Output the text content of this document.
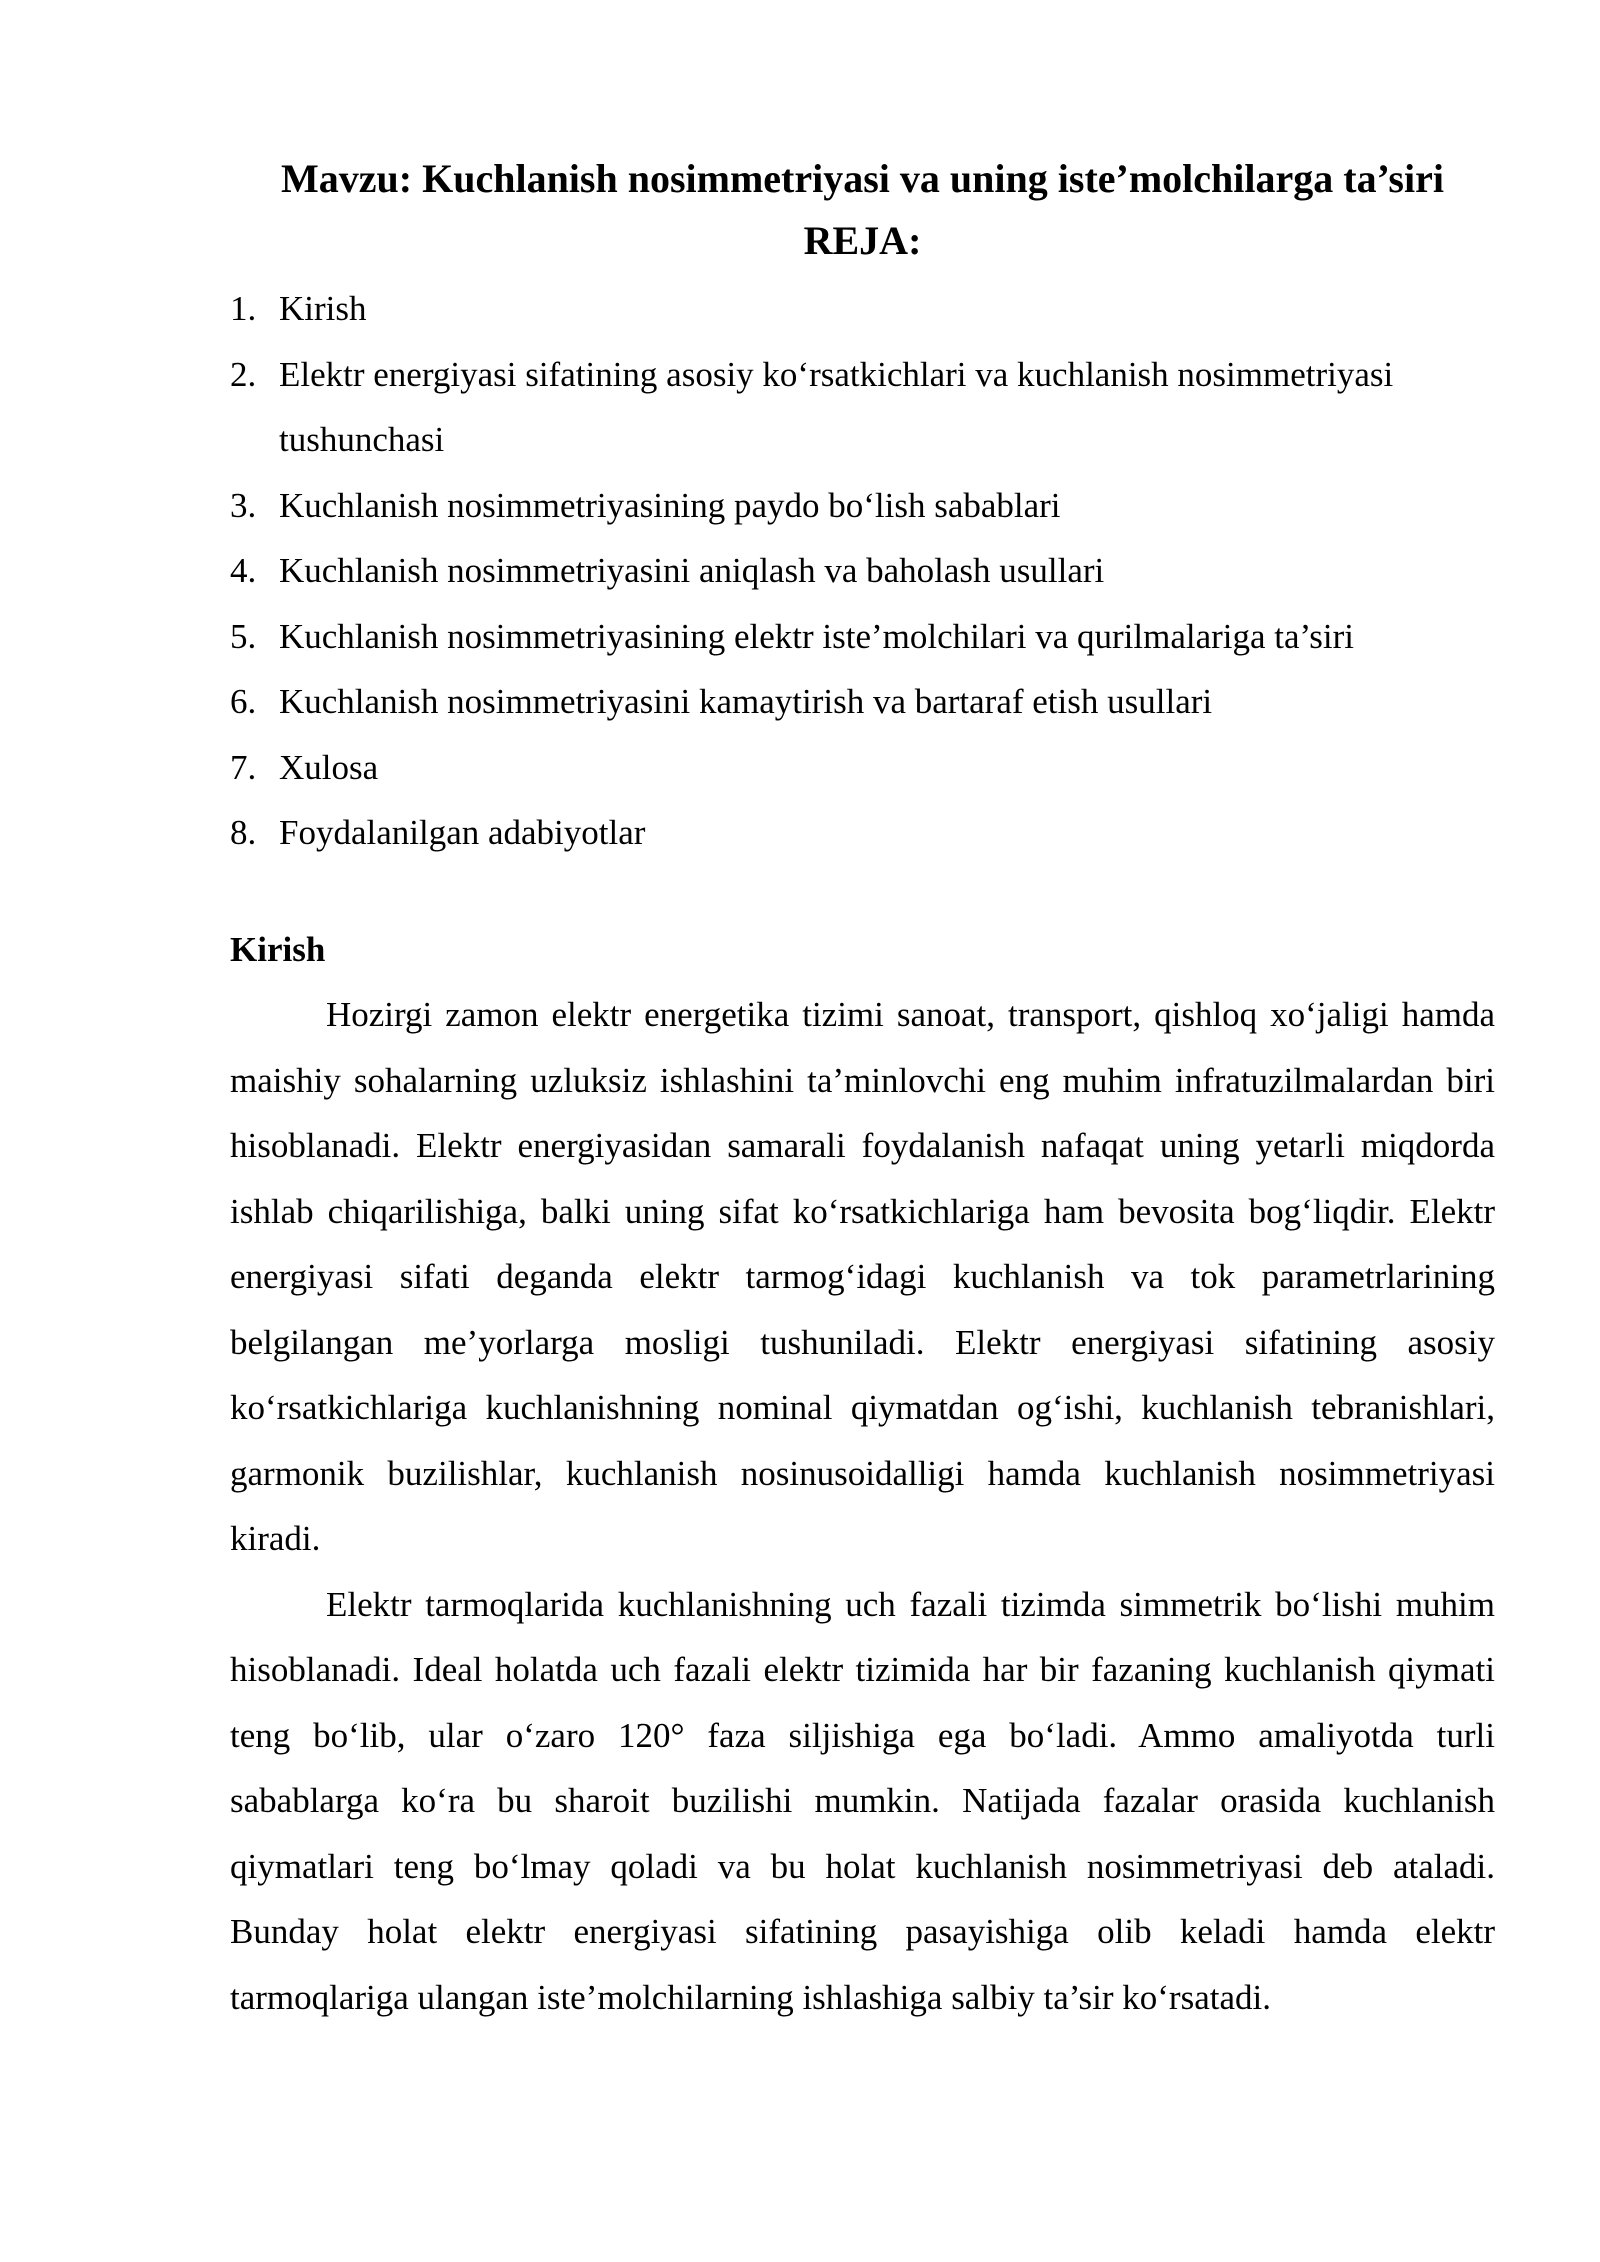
Mavzu: Kuchlanish nosimmetriyasi va uning iste’molchilarga ta’siri
REJA:
1. Kirish
2. Elektr energiyasi sifatining asosiy ko‘rsatkichlari va kuchlanish nosimmetriyasi tushunchasi
3. Kuchlanish nosimmetriyasining paydo bo‘lish sabablari
4. Kuchlanish nosimmetriyasini aniqlash va baholash usullari
5. Kuchlanish nosimmetriyasining elektr iste’molchilari va qurilmalariga ta’siri
6. Kuchlanish nosimmetriyasini kamaytirish va bartaraf etish usullari
7. Xulosa
8. Foydalanilgan adabiyotlar
Kirish

Hozirgi zamon elektr energetika tizimi sanoat, transport, qishloq xo‘jaligi hamda maishiy sohalarning uzluksiz ishlashini ta’minlovchi eng muhim infratuzilmalardan biri hisoblanadi. Elektr energiyasidan samarali foydalanish nafaqat uning yetarli miqdorda ishlab chiqarilishiga, balki uning sifat ko‘rsatkichlariga ham bevosita bog‘liqdir. Elektr energiyasi sifati deganda elektr tarmog‘idagi kuchlanish va tok parametrlarining belgilangan me’yorlarga mosligi tushuniladi. Elektr energiyasi sifatining asosiy ko‘rsatkichlariga kuchlanishning nominal qiymatdan og‘ishi, kuchlanish tebranishlari, garmonik buzilishlar, kuchlanish nosinusoidalligi hamda kuchlanish nosimmetriyasi kiradi.

Elektr tarmoqlarida kuchlanishning uch fazali tizimda simmetrik bo‘lishi muhim hisoblanadi. Ideal holatda uch fazali elektr tizimida har bir fazaning kuchlanish qiymati teng bo‘lib, ular o‘zaro 120° faza siljishiga ega bo‘ladi. Ammo amaliyotda turli sabablarga ko‘ra bu sharoit buzilishi mumkin. Natijada fazalar orasida kuchlanish qiymatlari teng bo‘lmay qoladi va bu holat kuchlanish nosimmetriyasi deb ataladi. Bunday holat elektr energiyasi sifatining pasayishiga olib keladi hamda elektr tarmoqlariga ulangan iste’molchilarning ishlashiga salbiy ta’sir ko‘rsatadi.
